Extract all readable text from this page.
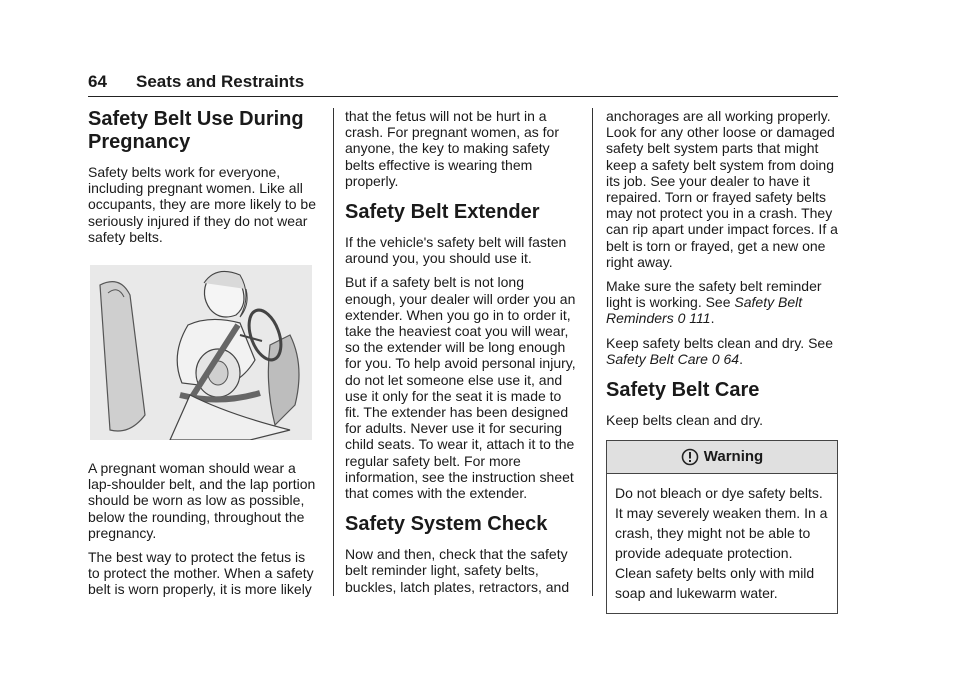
64 Seats and Restraints
Safety Belt Use During Pregnancy

Safety belts work for everyone, including pregnant women. Like all occupants, they are more likely to be seriously injured if they do not wear safety belts.

A pregnant woman should wear a lap-shoulder belt, and the lap portion should be worn as low as possible, below the rounding, throughout the pregnancy.

The best way to protect the fetus is to protect the mother. When a safety belt is worn properly, it is more likely

that the fetus will not be hurt in a crash. For pregnant women, as for anyone, the key to making safety belts effective is wearing them properly.

Safety Belt Extender

If the vehicle's safety belt will fasten around you, you should use it.

But if a safety belt is not long enough, your dealer will order you an extender. When you go in to order it, take the heaviest coat you will wear, so the extender will be long enough for you. To help avoid personal injury, do not let someone else use it, and use it only for the seat it is made to fit. The extender has been designed for adults. Never use it for securing child seats. To wear it, attach it to the regular safety belt. For more information, see the instruction sheet that comes with the extender.

Safety System Check

Now and then, check that the safety belt reminder light, safety belts, buckles, latch plates, retractors, and

anchorages are all working properly. Look for any other loose or damaged safety belt system parts that might keep a safety belt system from doing its job. See your dealer to have it repaired. Torn or frayed safety belts may not protect you in a crash. They can rip apart under impact forces. If a belt is torn or frayed, get a new one right away.

Make sure the safety belt reminder light is working. See Safety Belt Reminders 0 111.

Keep safety belts clean and dry. See Safety Belt Care 0 64.

Safety Belt Care

Keep belts clean and dry.

Warning
Do not bleach or dye safety belts. It may severely weaken them. In a crash, they might not be able to provide adequate protection. Clean safety belts only with mild soap and lukewarm water.
